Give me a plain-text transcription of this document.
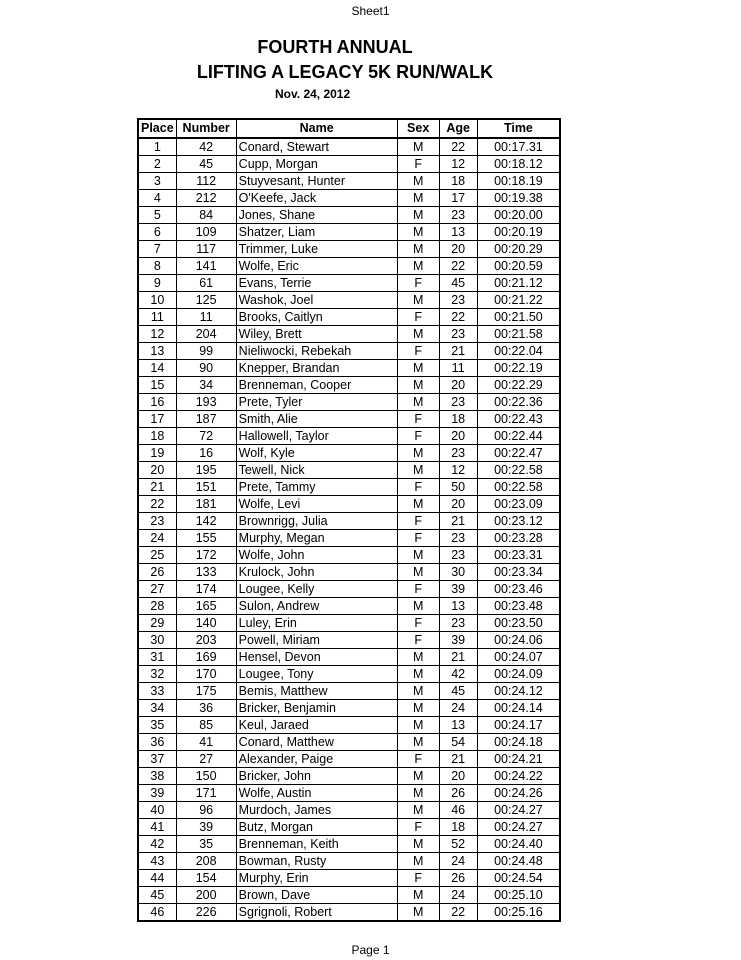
Sheet1
FOURTH ANNUAL
LIFTING A LEGACY 5K RUN/WALK
Nov. 24, 2012
Place	Number	Name	Sex	Age	Time
1	42	Conard, Stewart	M	22	00:17.31
2	45	Cupp, Morgan	F	12	00:18.12
3	112	Stuyvesant, Hunter	M	18	00:18.19
4	212	O'Keefe, Jack	M	17	00:19.38
5	84	Jones, Shane	M	23	00:20.00
6	109	Shatzer, Liam	M	13	00:20.19
7	117	Trimmer, Luke	M	20	00:20.29
8	141	Wolfe, Eric	M	22	00:20.59
9	61	Evans, Terrie	F	45	00:21.12
10	125	Washok, Joel	M	23	00:21.22
11	11	Brooks, Caitlyn	F	22	00:21.50
12	204	Wiley, Brett	M	23	00:21.58
13	99	Nieliwocki, Rebekah	F	21	00:22.04
14	90	Knepper, Brandan	M	11	00:22.19
15	34	Brenneman, Cooper	M	20	00:22.29
16	193	Prete, Tyler	M	23	00:22.36
17	187	Smith, Alie	F	18	00:22.43
18	72	Hallowell, Taylor	F	20	00:22.44
19	16	Wolf, Kyle	M	23	00:22.47
20	195	Tewell, Nick	M	12	00:22.58
21	151	Prete, Tammy	F	50	00:22.58
22	181	Wolfe, Levi	M	20	00:23.09
23	142	Brownrigg, Julia	F	21	00:23.12
24	155	Murphy, Megan	F	23	00:23.28
25	172	Wolfe, John	M	23	00:23.31
26	133	Krulock, John	M	30	00:23.34
27	174	Lougee, Kelly	F	39	00:23.46
28	165	Sulon, Andrew	M	13	00:23.48
29	140	Luley, Erin	F	23	00:23.50
30	203	Powell, Miriam	F	39	00:24.06
31	169	Hensel, Devon	M	21	00:24.07
32	170	Lougee, Tony	M	42	00:24.09
33	175	Bemis, Matthew	M	45	00:24.12
34	36	Bricker, Benjamin	M	24	00:24.14
35	85	Keul, Jaraed	M	13	00:24.17
36	41	Conard, Matthew	M	54	00:24.18
37	27	Alexander, Paige	F	21	00:24.21
38	150	Bricker, John	M	20	00:24.22
39	171	Wolfe, Austin	M	26	00:24.26
40	96	Murdoch, James	M	46	00:24.27
41	39	Butz, Morgan	F	18	00:24.27
42	35	Brenneman, Keith	M	52	00:24.40
43	208	Bowman, Rusty	M	24	00:24.48
44	154	Murphy, Erin	F	26	00:24.54
45	200	Brown, Dave	M	24	00:25.10
46	226	Sgrignoli, Robert	M	22	00:25.16
Page 1
